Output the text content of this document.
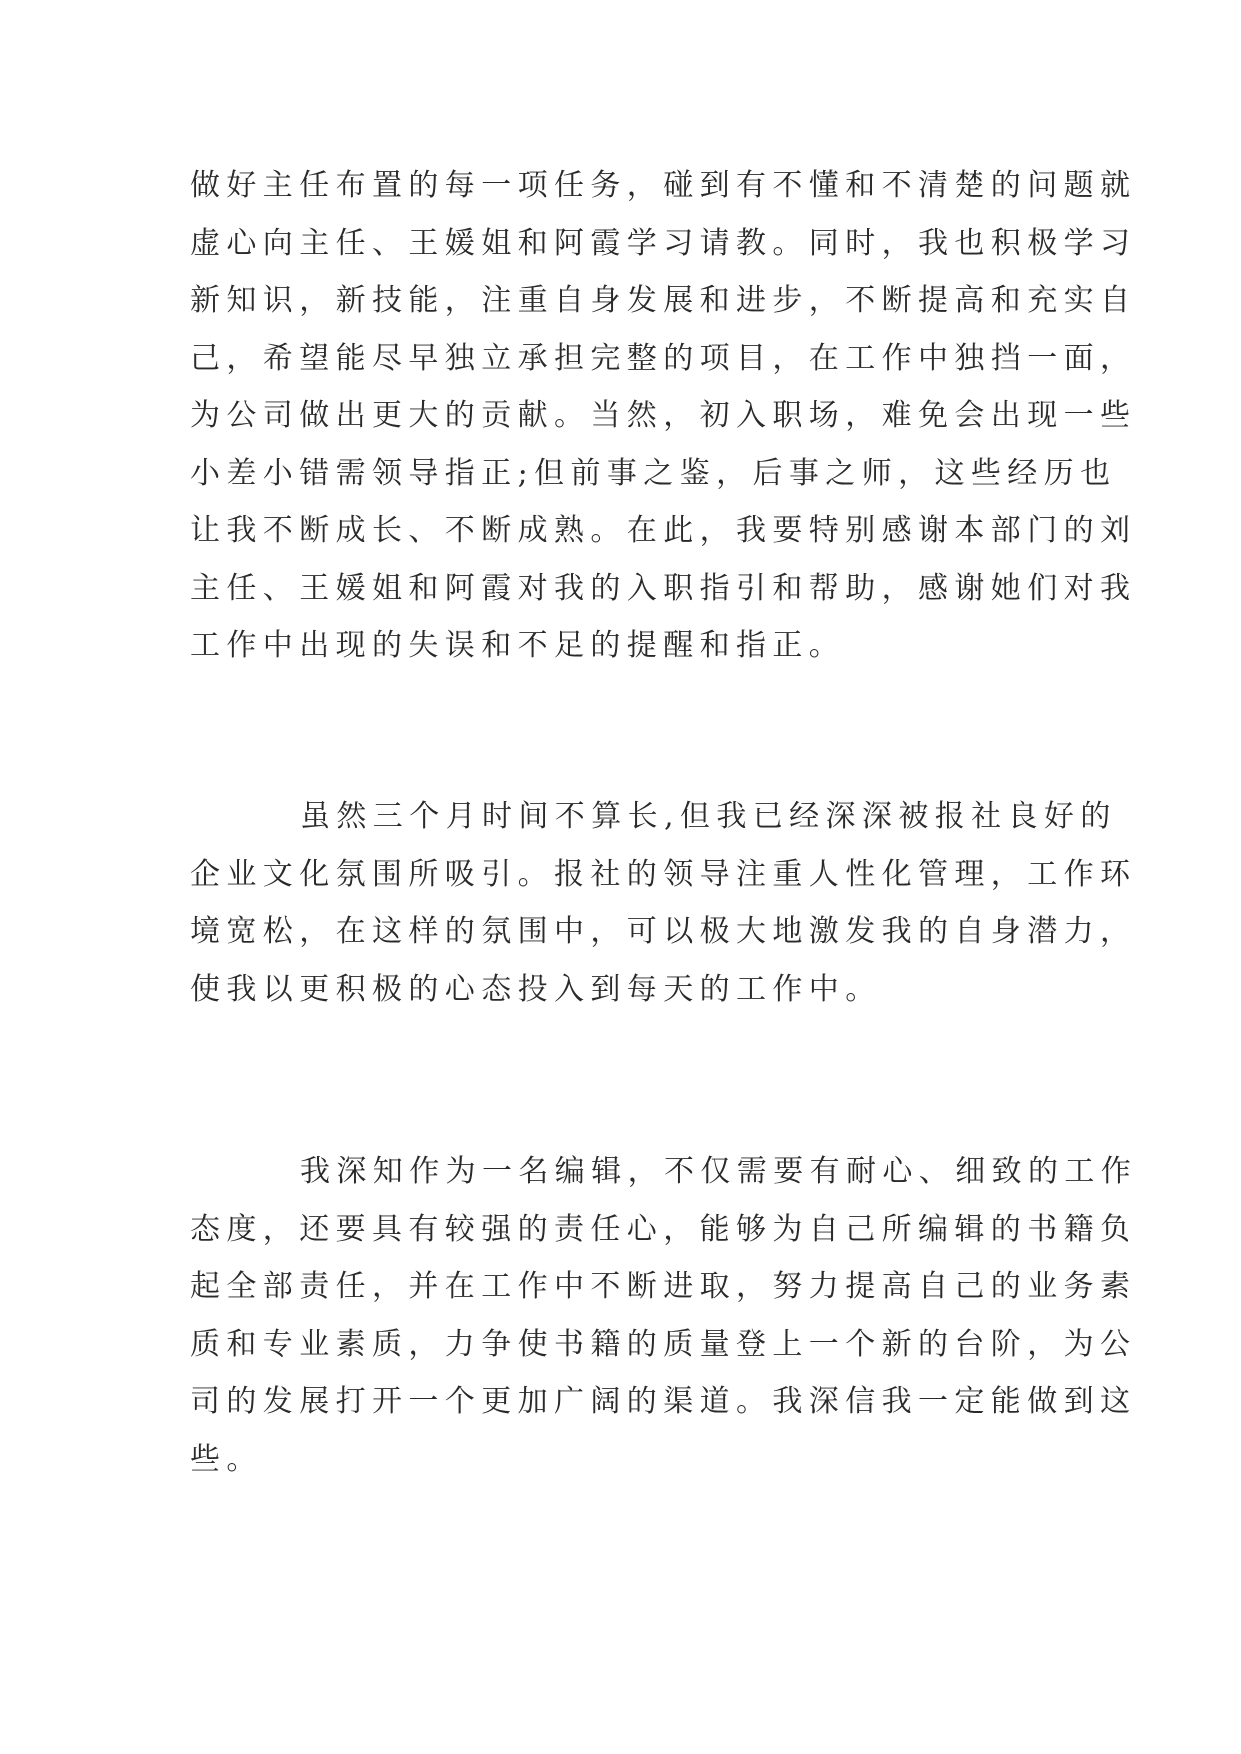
做好主任布置的每一项任务，碰到有不懂和不清楚的问题就
虚心向主任、王媛姐和阿霞学习请教。同时，我也积极学习
新知识，新技能，注重自身发展和进步，不断提高和充实自
己，希望能尽早独立承担完整的项目，在工作中独挡一面，
为公司做出更大的贡献。当然，初入职场，难免会出现一些
小差小错需领导指正;但前事之鉴，后事之师，这些经历也
让我不断成长、不断成熟。在此，我要特别感谢本部门的刘
主任、王媛姐和阿霞对我的入职指引和帮助，感谢她们对我
工作中出现的失误和不足的提醒和指正。
虽然三个月时间不算长,但我已经深深被报社良好的
企业文化氛围所吸引。报社的领导注重人性化管理，工作环
境宽松，在这样的氛围中，可以极大地激发我的自身潜力，
使我以更积极的心态投入到每天的工作中。
我深知作为一名编辑，不仅需要有耐心、细致的工作
态度，还要具有较强的责任心，能够为自己所编辑的书籍负
起全部责任，并在工作中不断进取，努力提高自己的业务素
质和专业素质，力争使书籍的质量登上一个新的台阶，为公
司的发展打开一个更加广阔的渠道。我深信我一定能做到这
些。
